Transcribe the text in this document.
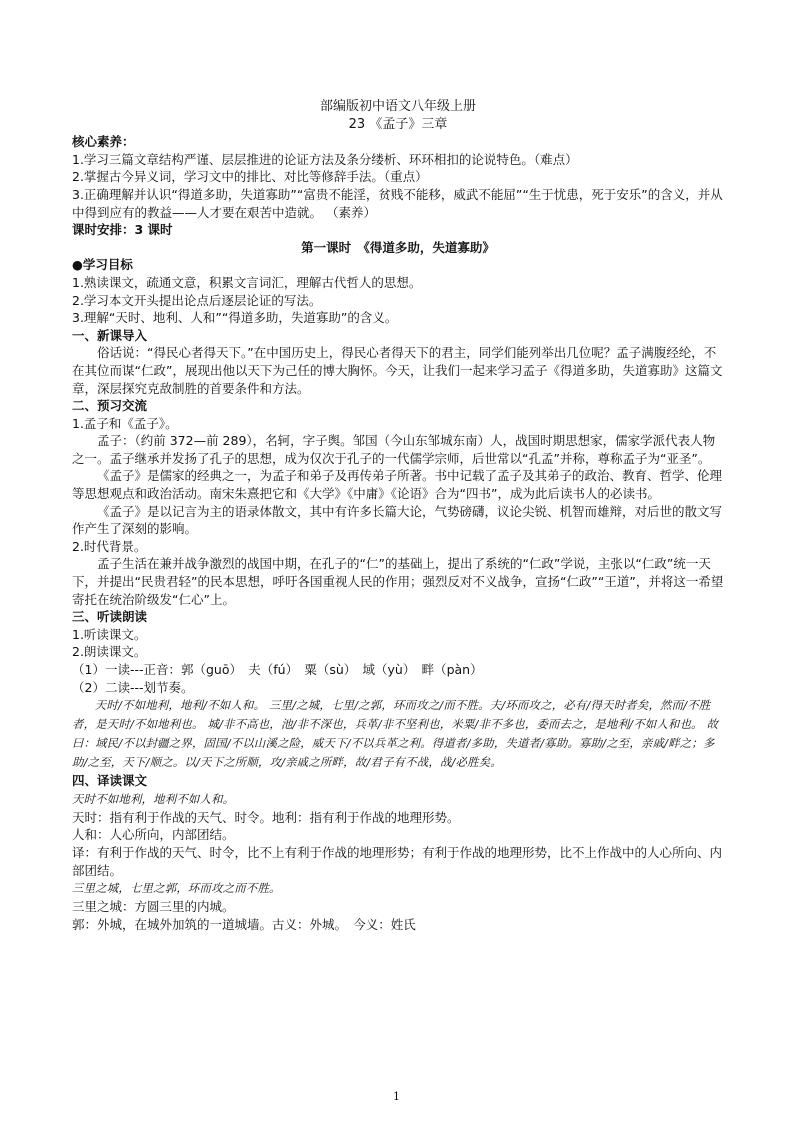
部编版初中语文八年级上册
23 《孟子》三章
核心素养：
1.学习三篇文章结构严谨、层层推进的论证方法及条分缕析、环环相扣的论说特色。（难点）
2.掌握古今异义词，学习文中的排比、对比等修辞手法。（重点）
3.正确理解并认识“得道多助，失道寡助”“富贵不能淫，贫贱不能移，威武不能屈”“生于忧患，死于安乐”的含义，并从中得到应有的教益——人才要在艰苦中造就。 （素养）
课时安排：3 课时
第一课时　《得道多助，失道寡助》
●学习目标
1.熟读课文，疏通文意，积累文言词汇，理解古代哲人的思想。
2.学习本文开头提出论点后逐层论证的写法。
3.理解“天时、地利、人和”“得道多助，失道寡助”的含义。
一、新课导入
俗话说：“得民心者得天下。”在中国历史上，得民心者得天下的君主，同学们能列举出几位呢？孟子满腹经纶，不在其位而谋“仁政”，展现出他以天下为己任的博大胸怀。今天，让我们一起来学习孟子《得道多助，失道寡助》这篇文章，深层探究克敌制胜的首要条件和方法。
二、预习交流
1.孟子和《孟子》。
孟子：（约前 372—前 289），名轲，字子舆。邹国（今山东邹城东南）人，战国时期思想家，儒家学派代表人物之一。孟子继承并发扬了孔子的思想，成为仅次于孔子的一代儒学宗师，后世常以“孔孟”并称，尊称孟子为“亚圣”。
《孟子》是儒家的经典之一，为孟子和弟子及再传弟子所著。书中记载了孟子及其弟子的政治、教育、哲学、伦理等思想观点和政治活动。南宋朱熹把它和《大学》《中庸》《论语》合为“四书”，成为此后读书人的必读书。
《孟子》是以记言为主的语录体散文，其中有许多长篇大论，气势磅礴，议论尖锐、机智而雄辩，对后世的散文写作产生了深刻的影响。
2.时代背景。
孟子生活在兼并战争激烈的战国中期，在孔子的“仁”的基础上，提出了系统的“仁政”学说，主张以“仁政”统一天下，并提出“民贵君轻”的民本思想，呼吁各国重视人民的作用；强烈反对不义战争，宣扬“仁政”“王道”，并将这一希望寄托在统治阶级发“仁心”上。
三、听读朗读
1.听读课文。
2.朗读课文。
（1）一读---正音：郭（guō）　夫（fú）　粟（sù）　域（yù）　畔（pàn）
（2）二读---划节奏。
天时/不如地利，地利/不如人和。 三里/之城，七里/之郭，环而攻之/而不胜。夫/环而攻之，必有/得天时者矣，然而/不胜者，是天时/不如地利也。 城/非不高也，池/非不深也，兵革/非不坚利也，米粟/非不多也，委而去之，是地利/不如人和也。 故曰：域民/不以封疆之界，固国/不以山溪之险，威天下/不以兵革之利。得道者/多助，失道者/寡助。寡助/之至，亲戚/畔之；多助/之至，天下/顺之。以/天下之所顺，攻/亲戚之所畔，故/君子有不战，战/必胜矣。
四、译读课文
天时不如地利，地利不如人和。
天时：指有利于作战的天气、时令。地利：指有利于作战的地理形势。
人和：人心所向，内部团结。
译：有利于作战的天气、时令，比不上有利于作战的地理形势；有利于作战的地理形势，比不上作战中的人心所向、内部团结。
三里之城，七里之郭，环而攻之而不胜。
三里之城：方圆三里的内城。
郭：外城，在城外加筑的一道城墙。古义：外城。　今义：姓氏
1
